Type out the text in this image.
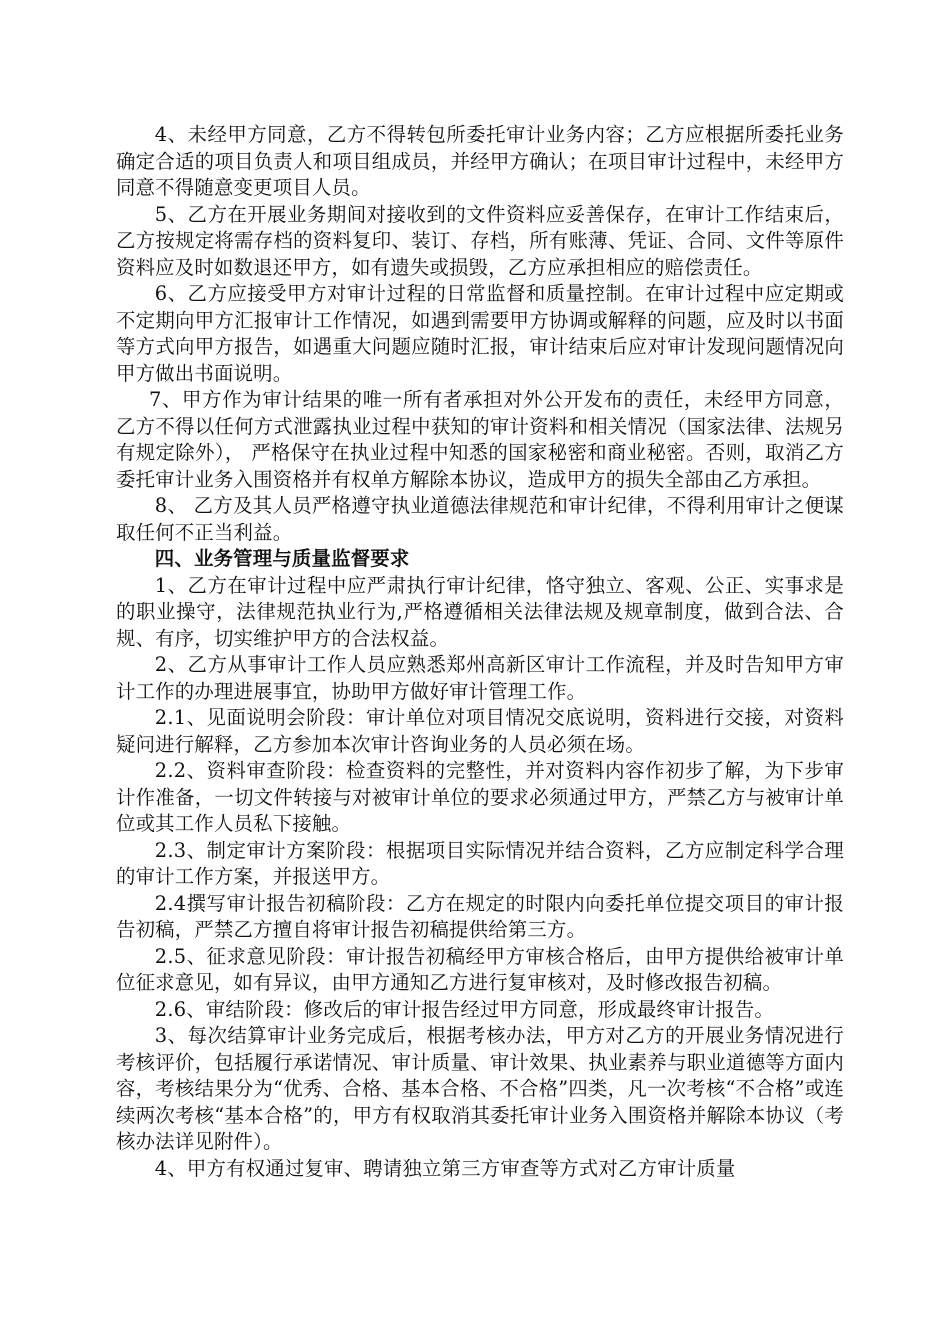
4、未经甲方同意，乙方不得转包所委托审计业务内容；乙方应根据所委托业务确定合适的项目负责人和项目组成员，并经甲方确认；在项目审计过程中，未经甲方同意不得随意变更项目人员。

5、乙方在开展业务期间对接收到的文件资料应妥善保存，在审计工作结束后，乙方按规定将需存档的资料复印、装订、存档，所有账薄、凭证、合同、文件等原件资料应及时如数退还甲方，如有遗失或损毁，乙方应承担相应的赔偿责任。

6、乙方应接受甲方对审计过程的日常监督和质量控制。在审计过程中应定期或不定期向甲方汇报审计工作情况，如遇到需要甲方协调或解释的问题，应及时以书面等方式向甲方报告，如遇重大问题应随时汇报，审计结束后应对审计发现问题情况向甲方做出书面说明。

7、甲方作为审计结果的唯一所有者承担对外公开发布的责任，未经甲方同意，乙方不得以任何方式泄露执业过程中获知的审计资料和相关情况（国家法律、法规另有规定除外）， 严格保守在执业过程中知悉的国家秘密和商业秘密。否则，取消乙方委托审计业务入围资格并有权单方解除本协议，造成甲方的损失全部由乙方承担。

8、 乙方及其人员严格遵守执业道德法律规范和审计纪律，不得利用审计之便谋取任何不正当利益。

四、业务管理与质量监督要求

1、乙方在审计过程中应严肃执行审计纪律，恪守独立、客观、公正、实事求是的职业操守，法律规范执业行为,严格遵循相关法律法规及规章制度，做到合法、合规、有序，切实维护甲方的合法权益。

2、乙方从事审计工作人员应熟悉郑州高新区审计工作流程，并及时告知甲方审计工作的办理进展事宜，协助甲方做好审计管理工作。

2.1、见面说明会阶段：审计单位对项目情况交底说明，资料进行交接，对资料疑问进行解释，乙方参加本次审计咨询业务的人员必须在场。

2.2、资料审查阶段：检查资料的完整性，并对资料内容作初步了解，为下步审计作准备，一切文件转接与对被审计单位的要求必须通过甲方，严禁乙方与被审计单位或其工作人员私下接触。

2.3、制定审计方案阶段：根据项目实际情况并结合资料，乙方应制定科学合理的审计工作方案，并报送甲方。

2.4撰写审计报告初稿阶段：乙方在规定的时限内向委托单位提交项目的审计报告初稿，严禁乙方擅自将审计报告初稿提供给第三方。

2.5、征求意见阶段：审计报告初稿经甲方审核合格后，由甲方提供给被审计单位征求意见，如有异议，由甲方通知乙方进行复审核对，及时修改报告初稿。

2.6、审结阶段：修改后的审计报告经过甲方同意，形成最终审计报告。

3、每次结算审计业务完成后，根据考核办法，甲方对乙方的开展业务情况进行考核评价，包括履行承诺情况、审计质量、审计效果、执业素养与职业道德等方面内容，考核结果分为“优秀、合格、基本合格、不合格”四类，凡一次考核“不合格”或连续两次考核“基本合格”的，甲方有权取消其委托审计业务入围资格并解除本协议（考核办法详见附件）。

4、甲方有权通过复审、聘请独立第三方审查等方式对乙方审计质量
